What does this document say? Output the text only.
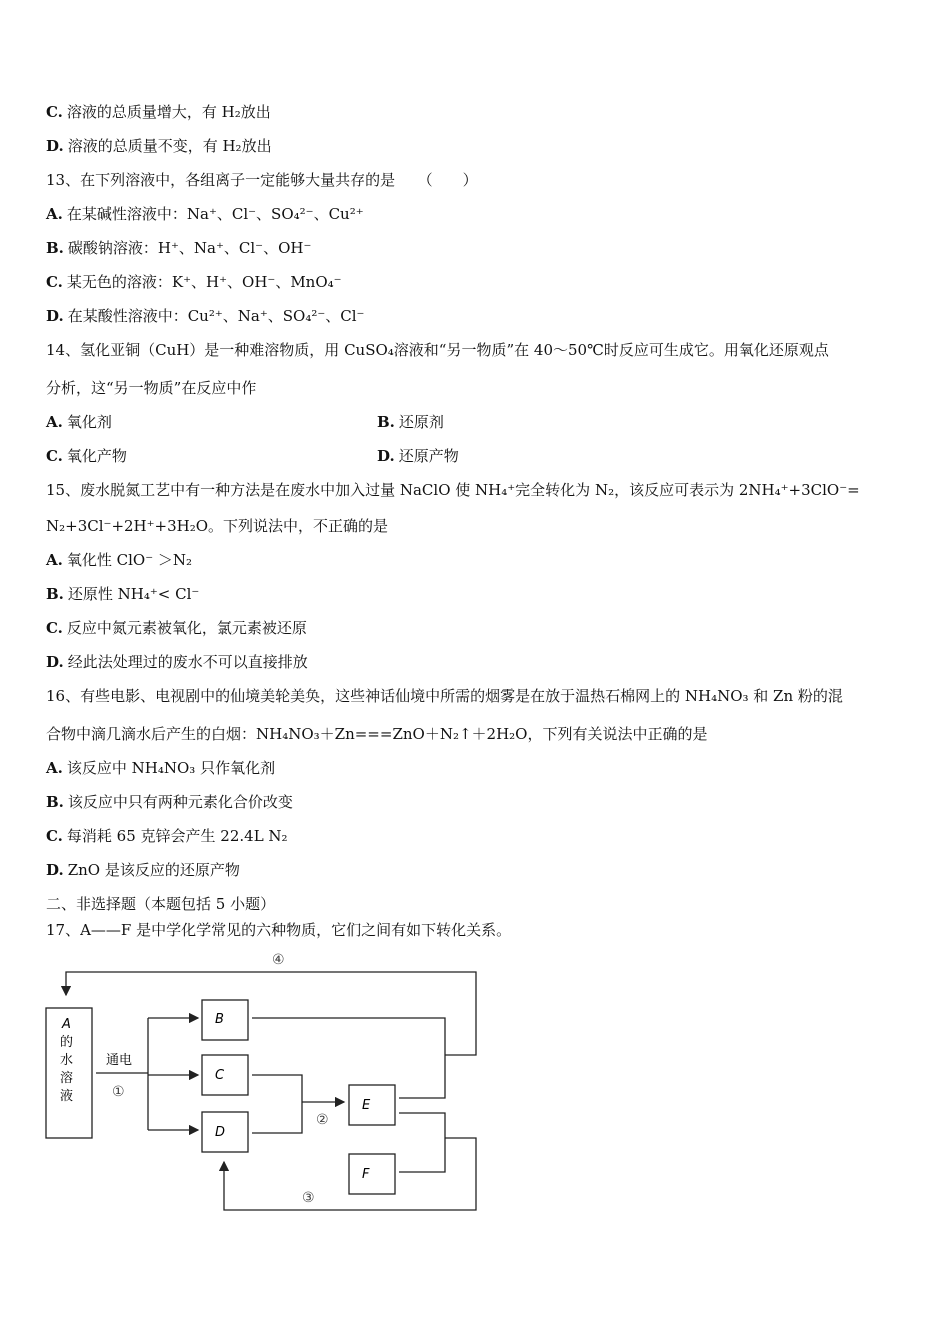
C. 溶液的总质量增大，有 H₂放出
D. 溶液的总质量不变，有 H₂放出
13、在下列溶液中，各组离子一定能够大量共存的是　　（　　）
A. 在某碱性溶液中：Na⁺、Cl⁻、SO₄²⁻、Cu²⁺
B. 碳酸钠溶液：H⁺、Na⁺、Cl⁻、OH⁻
C. 某无色的溶液：K⁺、H⁺、OH⁻、MnO₄⁻
D. 在某酸性溶液中：Cu²⁺、Na⁺、SO₄²⁻、Cl⁻
14、氢化亚铜（CuH）是一种难溶物质，用 CuSO₄溶液和“另一物质”在 40～50℃时反应可生成它。用氧化还原观点
分析，这“另一物质”在反应中作
A. 氧化剂	B. 还原剂
C. 氧化产物	D. 还原产物
15、废水脱氮工艺中有一种方法是在废水中加入过量 NaClO 使 NH₄⁺完全转化为 N₂，该反应可表示为 2NH₄⁺+3ClO⁻=
N₂+3Cl⁻+2H⁺+3H₂O。下列说法中，不正确的是
A. 氧化性 ClO⁻ ＞N₂
B. 还原性 NH₄⁺< Cl⁻
C. 反应中氮元素被氧化，氯元素被还原
D. 经此法处理过的废水不可以直接排放
16、有些电影、电视剧中的仙境美轮美奂，这些神话仙境中所需的烟雾是在放于温热石棉网上的 NH₄NO₃ 和 Zn 粉的混
合物中滴几滴水后产生的白烟：NH₄NO₃＋Zn===ZnO＋N₂↑＋2H₂O，下列有关说法中正确的是
A. 该反应中 NH₄NO₃ 只作氧化剂
B. 该反应中只有两种元素化合价改变
C. 每消耗 65 克锌会产生 22.4L N₂
D. ZnO 是该反应的还原产物
二、非选择题（本题包括 5 小题）
17、A——F 是中学化学常见的六种物质，它们之间有如下转化关系。
A
的
水
溶
液
通电
①
②
③
④
B
C
D
E
F
